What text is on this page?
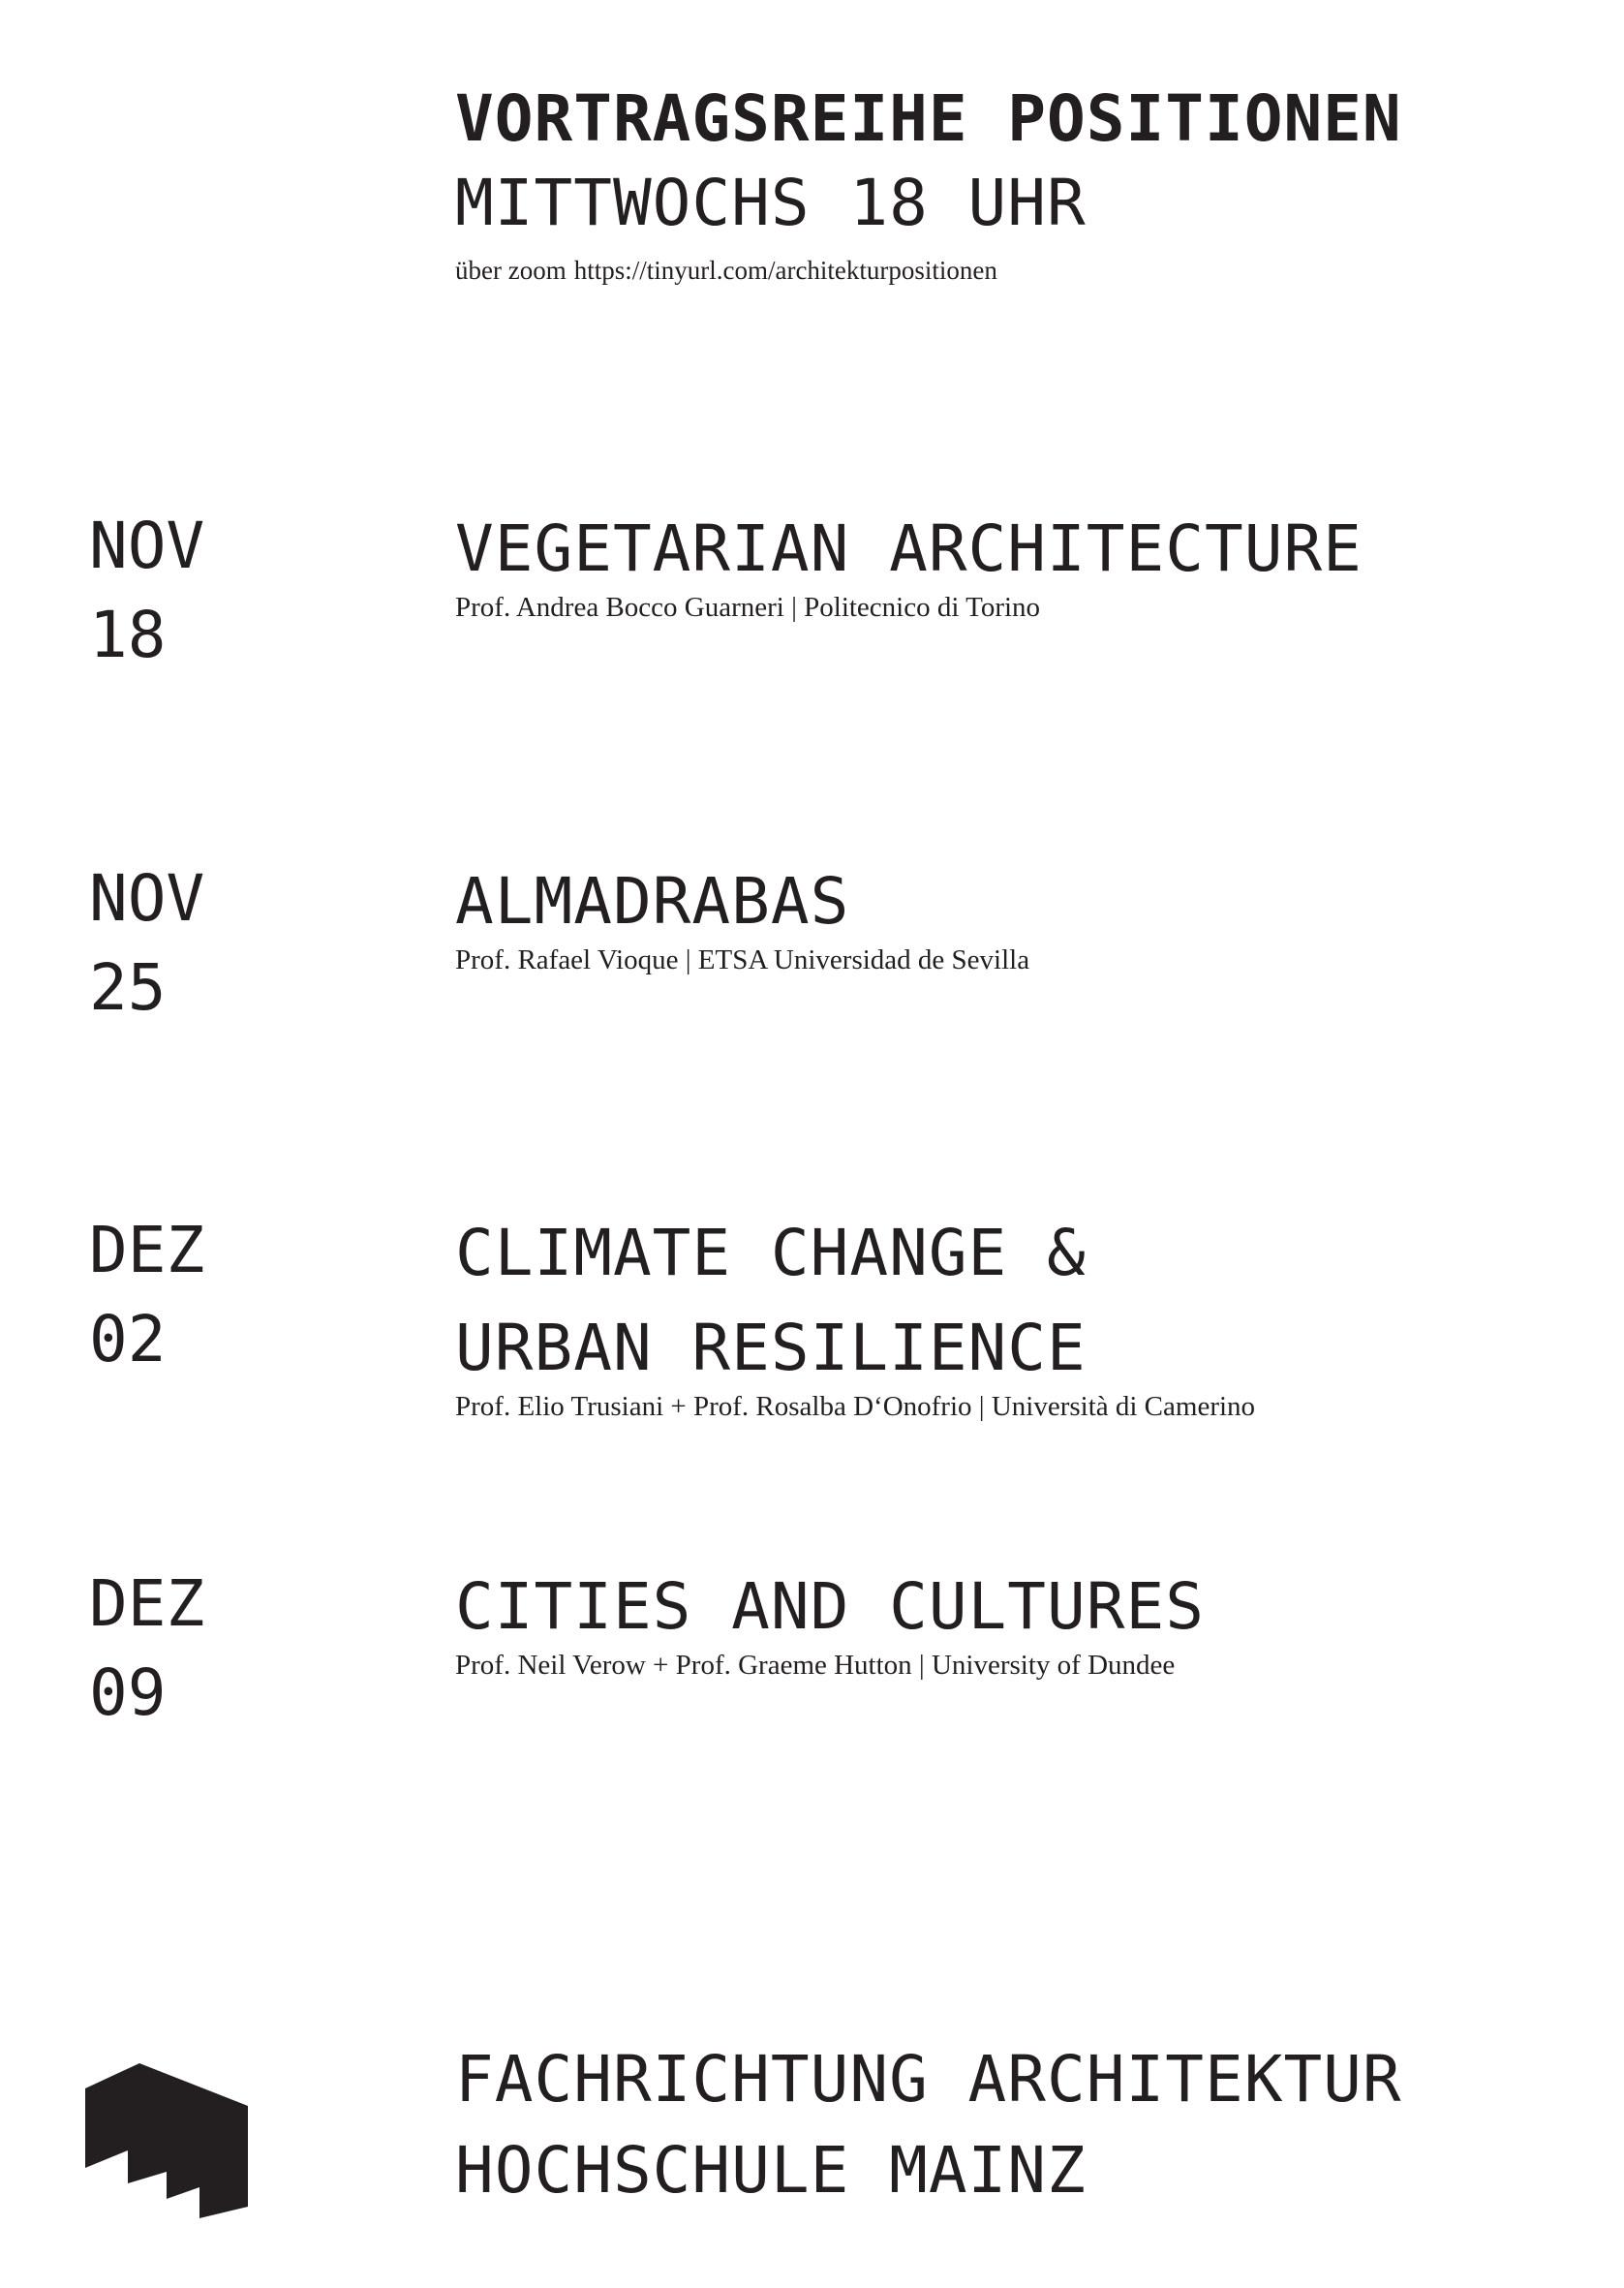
VORTRAGSREIHE POSITIONEN
MITTWOCHS 18 UHR
über zoom https://tinyurl.com/architekturpositionen
NOV
18
VEGETARIAN ARCHITECTURE
Prof. Andrea Bocco Guarneri | Politecnico di Torino
NOV
25
ALMADRABAS
Prof. Rafael Vioque | ETSA Universidad de Sevilla
DEZ
02
CLIMATE CHANGE &
URBAN RESILIENCE
Prof. Elio Trusiani + Prof. Rosalba D‘Onofrio | Università di Camerino
DEZ
09
CITIES AND CULTURES
Prof. Neil Verow + Prof. Graeme Hutton | University of Dundee
FACHRICHTUNG ARCHITEKTUR
HOCHSCHULE MAINZ
